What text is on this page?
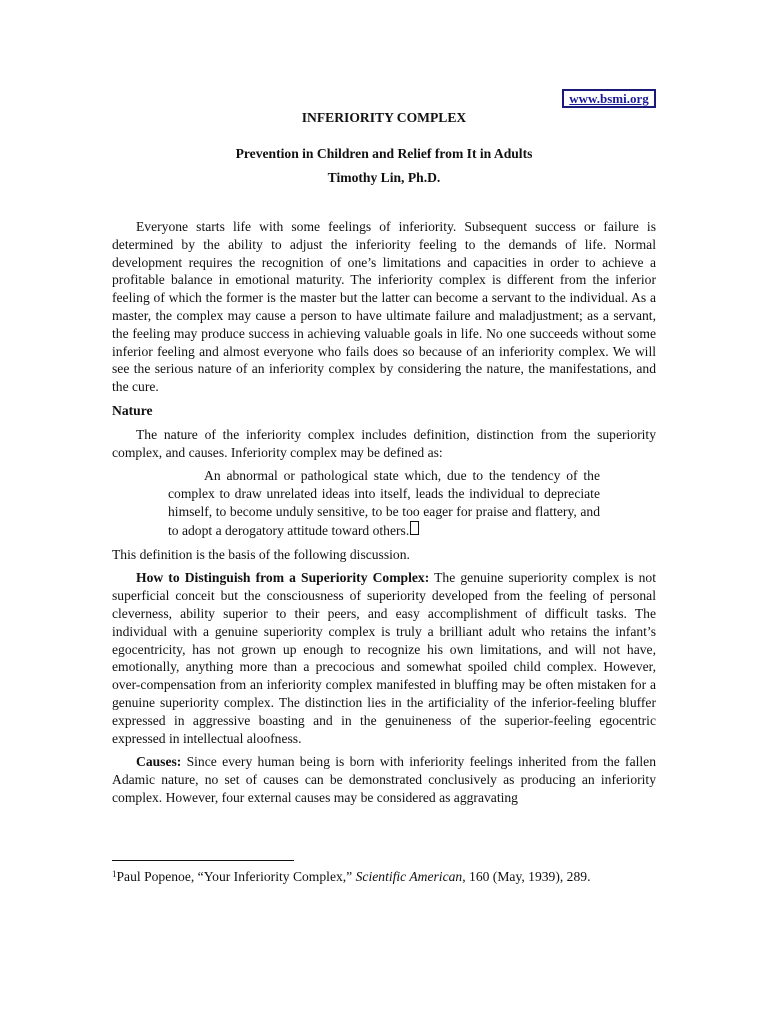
www.bsmi.org
INFERIORITY COMPLEX
Prevention in Children and Relief from It in Adults
Timothy Lin, Ph.D.

Everyone starts life with some feelings of inferiority. Subsequent success or failure is determined by the ability to adjust the inferiority feeling to the demands of life. Normal development requires the recognition of one’s limitations and capacities in order to achieve a profitable balance in emotional maturity. The inferiority complex is different from the inferior feeling of which the former is the master but the latter can become a servant to the individual. As a master, the complex may cause a person to have ultimate failure and maladjustment; as a servant, the feeling may produce success in achieving valuable goals in life. No one succeeds without some inferior feeling and almost everyone who fails does so because of an inferiority complex. We will see the serious nature of an inferiority complex by considering the nature, the manifestations, and the cure.

Nature

The nature of the inferiority complex includes definition, distinction from the superiority complex, and causes. Inferiority complex may be defined as:

An abnormal or pathological state which, due to the tendency of the complex to draw unrelated ideas into itself, leads the individual to depreciate himself, to become unduly sensitive, to be too eager for praise and flattery, and to adopt a derogatory attitude toward others.

This definition is the basis of the following discussion.

How to Distinguish from a Superiority Complex: The genuine superiority complex is not superficial conceit but the consciousness of superiority developed from the feeling of personal cleverness, ability superior to their peers, and easy accomplishment of difficult tasks. The individual with a genuine superiority complex is truly a brilliant adult who retains the infant’s egocentricity, has not grown up enough to recognize his own limitations, and will not have, emotionally, anything more than a precocious and somewhat spoiled child complex. However, over-compensation from an inferiority complex manifested in bluffing may be often mistaken for a genuine superiority complex. The distinction lies in the artificiality of the inferior-feeling bluffer expressed in aggressive boasting and in the genuineness of the superior-feeling egocentric expressed in intellectual aloofness.

Causes: Since every human being is born with inferiority feelings inherited from the fallen Adamic nature, no set of causes can be demonstrated conclusively as producing an inferiority complex. However, four external causes may be considered as aggravating

$^1$Paul Popenoe, “Your Inferiority Complex,” Scientific American, 160 (May, 1939), 289.
